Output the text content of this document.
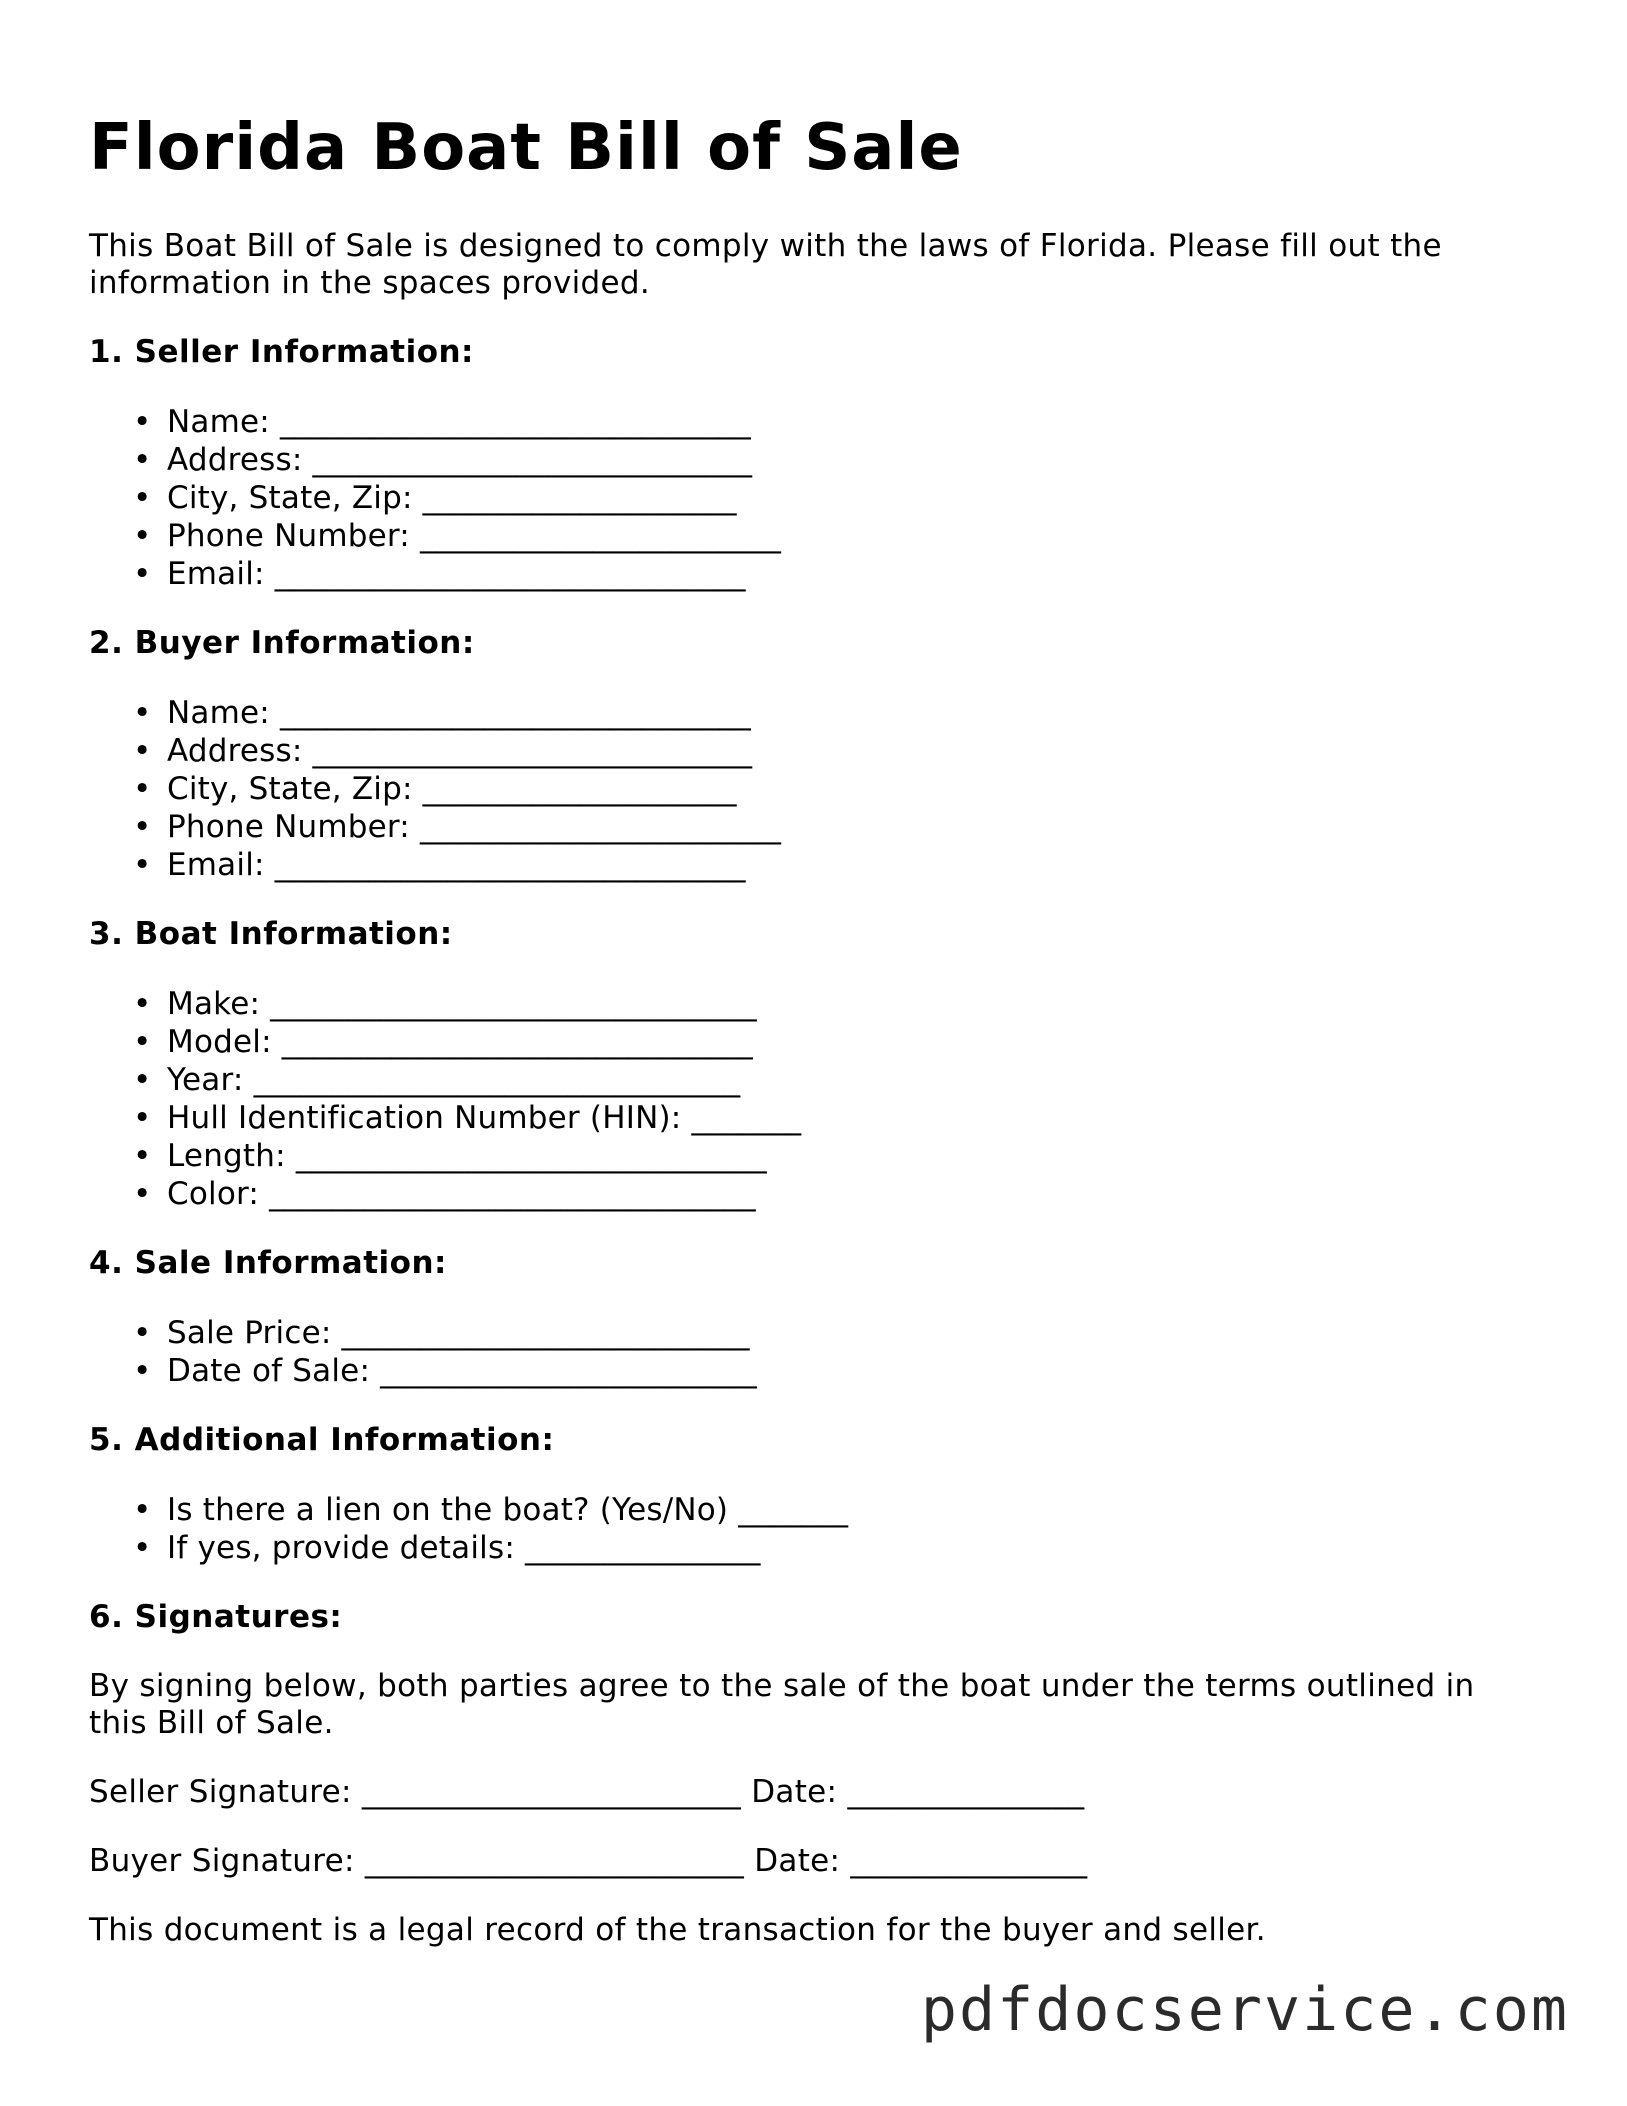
Florida Boat Bill of Sale

This Boat Bill of Sale is designed to comply with the laws of Florida. Please fill out the information in the spaces provided.

1. Seller Information:
• Name: ______________________________
• Address: ____________________________
• City, State, Zip: ____________________
• Phone Number: _______________________
• Email: ______________________________
2. Buyer Information:
• Name: ______________________________
• Address: ____________________________
• City, State, Zip: ____________________
• Phone Number: _______________________
• Email: ______________________________
3. Boat Information:
• Make: _______________________________
• Model: ______________________________
• Year: _______________________________
• Hull Identification Number (HIN): _______
• Length: ______________________________
• Color: _______________________________
4. Sale Information:
• Sale Price: __________________________
• Date of Sale: ________________________
5. Additional Information:
• Is there a lien on the boat? (Yes/No) _______
• If yes, provide details: _______________
6. Signatures:

By signing below, both parties agree to the sale of the boat under the terms outlined in this Bill of Sale.

Seller Signature: ________________________ Date: _______________

Buyer Signature: ________________________ Date: _______________

This document is a legal record of the transaction for the buyer and seller.

pdfdocservice.com
